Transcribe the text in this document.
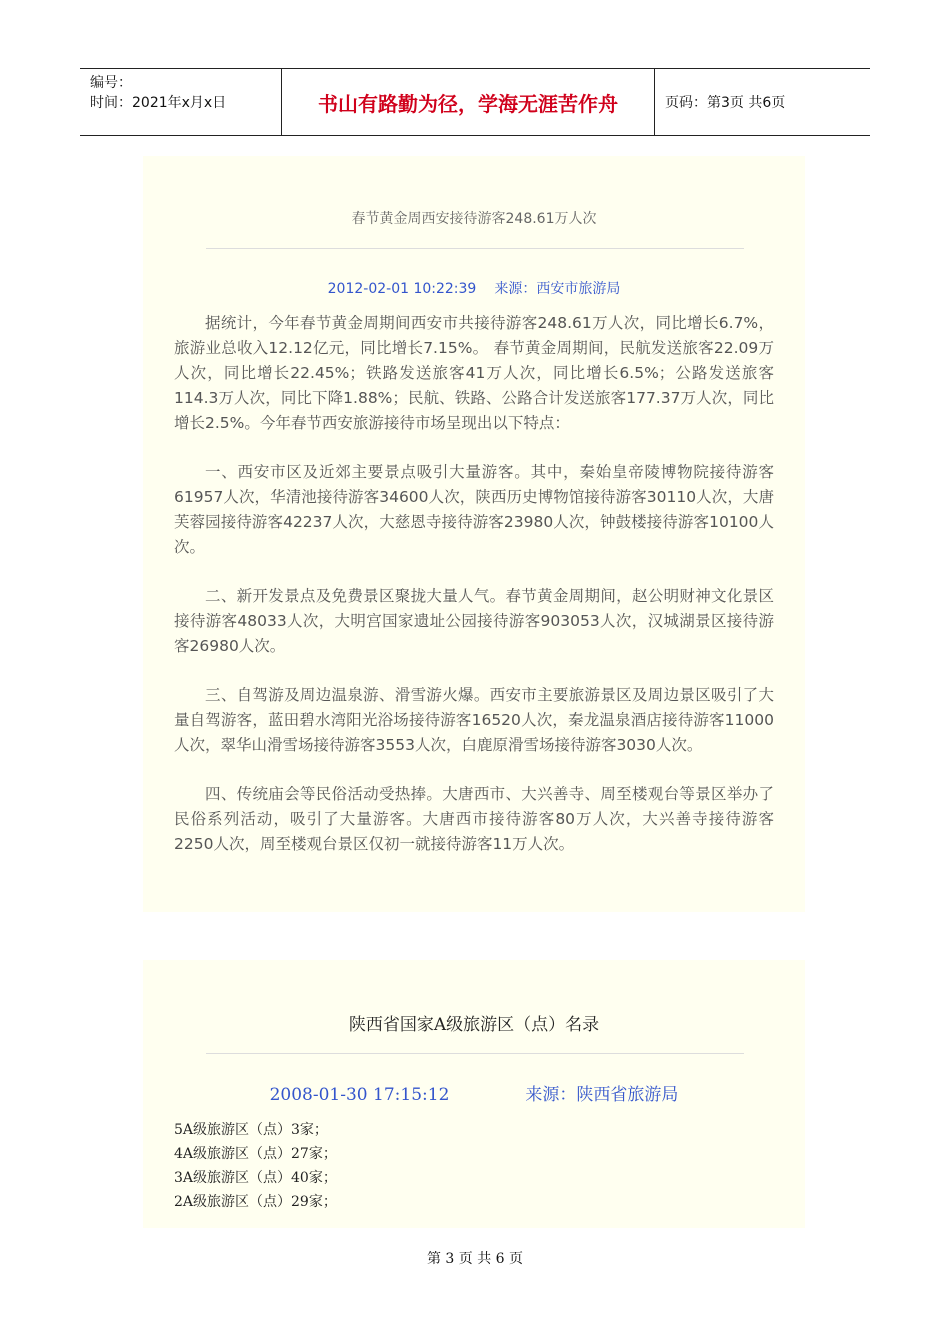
编号：
时间：2021年x月x日	书山有路勤为径，学海无涯苦作舟	页码：第3页 共6页
春节黄金周西安接待游客248.61万人次
2012-02-01 10:22:39 来源：西安市旅游局

据统计，今年春节黄金周期间西安市共接待游客248.61万人次，同比增长6.7%，旅游业总收入12.12亿元，同比增长7.15%。 春节黄金周期间，民航发送旅客22.09万人次，同比增长22.45%；铁路发送旅客41万人次，同比增长6.5%；公路发送旅客114.3万人次，同比下降1.88%；民航、铁路、公路合计发送旅客177.37万人次，同比增长2.5%。今年春节西安旅游接待市场呈现出以下特点：

一、西安市区及近郊主要景点吸引大量游客。其中，秦始皇帝陵博物院接待游客61957人次，华清池接待游客34600人次，陕西历史博物馆接待游客30110人次，大唐芙蓉园接待游客42237人次，大慈恩寺接待游客23980人次，钟鼓楼接待游客10100人次。

二、新开发景点及免费景区聚拢大量人气。春节黄金周期间，赵公明财神文化景区接待游客48033人次，大明宫国家遗址公园接待游客903053人次，汉城湖景区接待游客26980人次。

三、自驾游及周边温泉游、滑雪游火爆。西安市主要旅游景区及周边景区吸引了大量自驾游客，蓝田碧水湾阳光浴场接待游客16520人次，秦龙温泉酒店接待游客11000人次，翠华山滑雪场接待游客3553人次，白鹿原滑雪场接待游客3030人次。

四、传统庙会等民俗活动受热捧。大唐西市、大兴善寺、周至楼观台等景区举办了民俗系列活动，吸引了大量游客。大唐西市接待游客80万人次，大兴善寺接待游客2250人次，周至楼观台景区仅初一就接待游客11万人次。

陕西省国家A级旅游区（点）名录
2008-01-30 17:15:12	来源：陕西省旅游局
5A级旅游区（点）3家；
4A级旅游区（点）27家；
3A级旅游区（点）40家；
2A级旅游区（点）29家；
第 3 页 共 6 页
